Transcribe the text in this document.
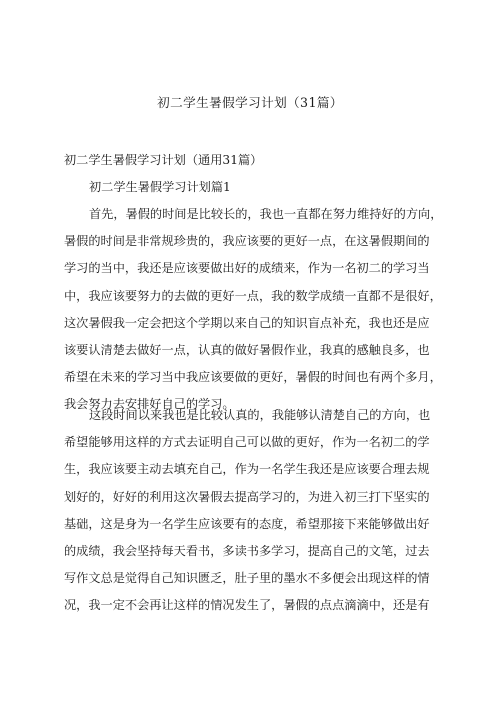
初二学生暑假学习计划（31篇）

初二学生暑假学习计划（通用31篇）

初二学生暑假学习计划篇1

首先，暑假的时间是比较长的，我也一直都在努力维持好的方向，
暑假的时间是非常规珍贵的，我应该要的更好一点，在这暑假期间的
学习的当中，我还是应该要做出好的成绩来，作为一名初二的学习当
中，我应该要努力的去做的更好一点，我的数学成绩一直都不是很好，
这次暑假我一定会把这个学期以来自己的知识盲点补充，我也还是应
该要认清楚去做好一点，认真的做好暑假作业，我真的感触良多，也
希望在未来的学习当中我应该要做的更好，暑假的时间也有两个多月，
我会努力去安排好自己的学习。
这段时间以来我也是比较认真的，我能够认清楚自己的方向，也
希望能够用这样的方式去证明自己可以做的更好，作为一名初二的学
生，我应该要主动去填充自己，作为一名学生我还是应该要合理去规
划好的，好好的利用这次暑假去提高学习的，为进入初三打下坚实的
基础，这是身为一名学生应该要有的态度，希望那接下来能够做出好
的成绩，我会坚持每天看书，多读书多学习，提高自己的文笔，过去
写作文总是觉得自己知识匮乏，肚子里的墨水不多便会出现这样的情
况，我一定不会再让这样的情况发生了，暑假的点点滴滴中，还是有
